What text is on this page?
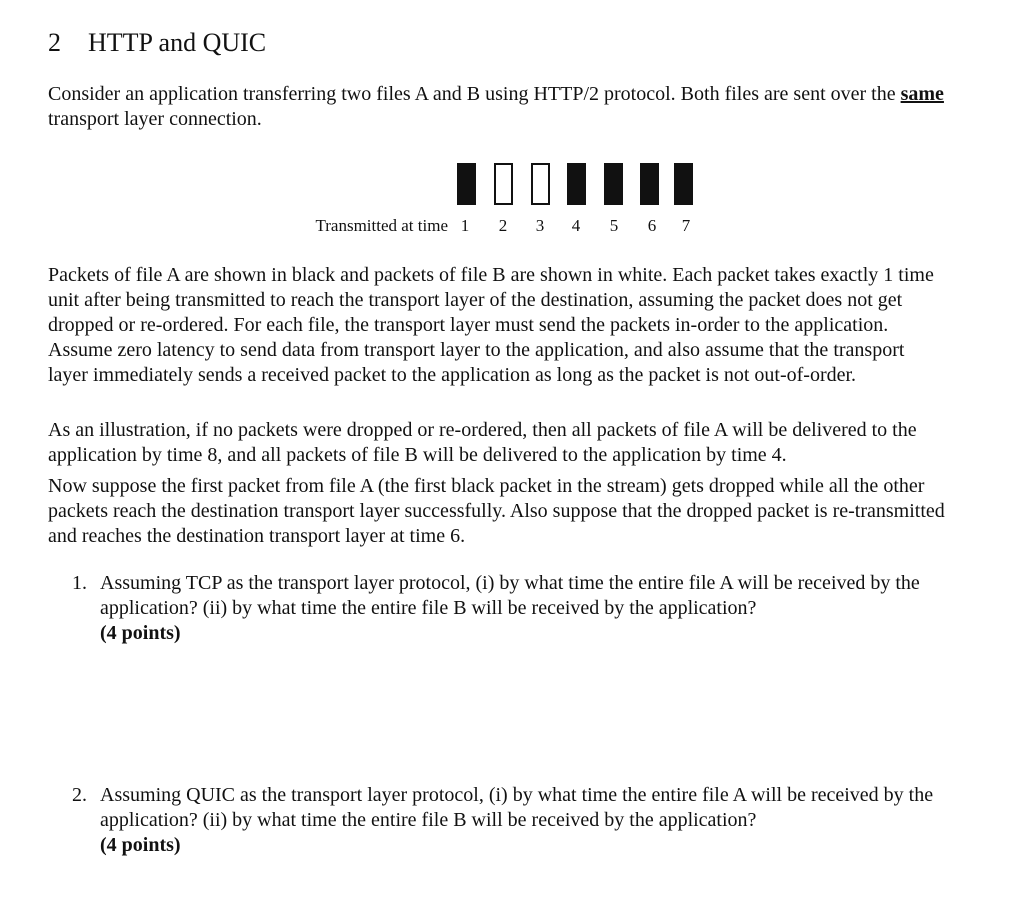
2 HTTP and QUIC

Consider an application transferring two files A and B using HTTP/2 protocol. Both files are sent over the same transport layer connection.

Transmitted at time 1	2	3	4	5	6	7

Packets of file A are shown in black and packets of file B are shown in white. Each packet takes exactly 1 time unit after being transmitted to reach the transport layer of the destination, assuming the packet does not get dropped or re-ordered. For each file, the transport layer must send the packets in-order to the application. Assume zero latency to send data from transport layer to the application, and also assume that the transport layer immediately sends a received packet to the application as long as the packet is not out-of-order.

As an illustration, if no packets were dropped or re-ordered, then all packets of file A will be delivered to the application by time 8, and all packets of file B will be delivered to the application by time 4.

Now suppose the first packet from file A (the first black packet in the stream) gets dropped while all the other packets reach the destination transport layer successfully. Also suppose that the dropped packet is re-transmitted and reaches the destination transport layer at time 6.

1. Assuming TCP as the transport layer protocol, (i) by what time the entire file A will be received by the application? (ii) by what time the entire file B will be received by the application?
(4 points)
2. Assuming QUIC as the transport layer protocol, (i) by what time the entire file A will be received by the application? (ii) by what time the entire file B will be received by the application?
(4 points)
